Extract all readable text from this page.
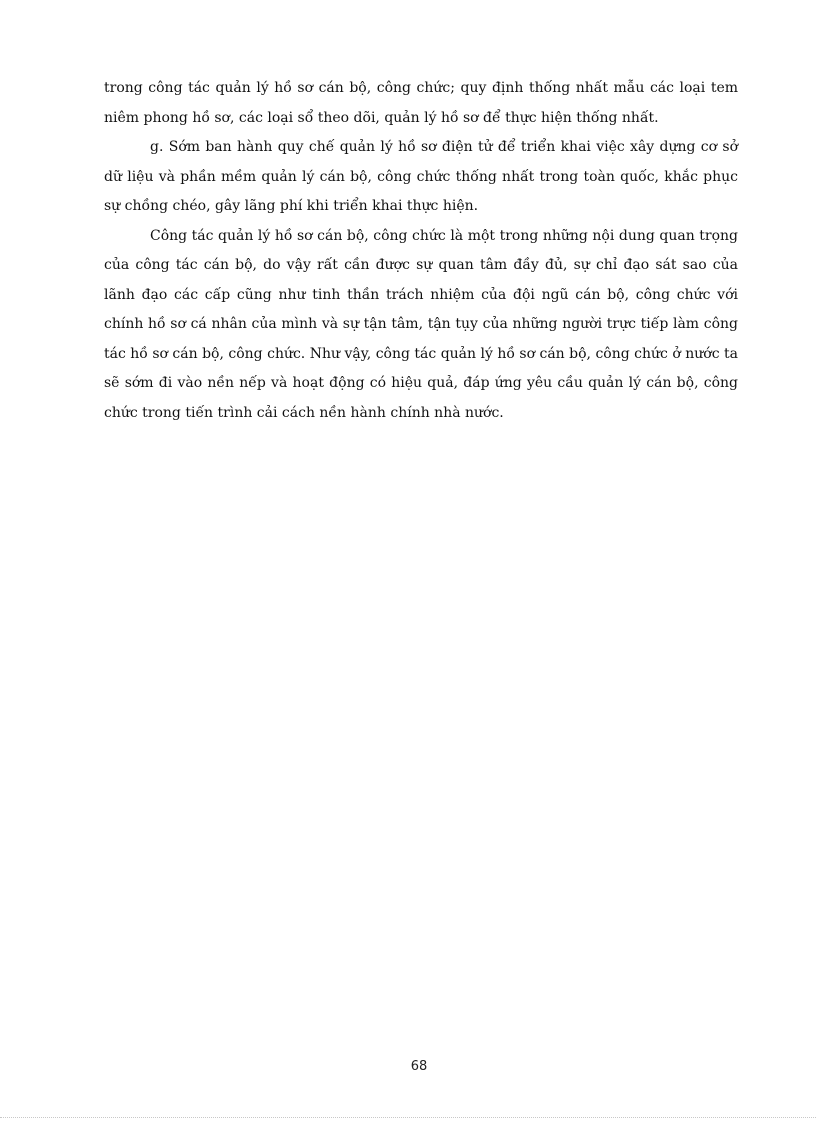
trong công tác quản lý hồ sơ cán bộ, công chức; quy định thống nhất mẫu các loại tem niêm phong hồ sơ, các loại sổ theo dõi, quản lý hồ sơ để thực hiện thống nhất.

g. Sớm ban hành quy chế quản lý hồ sơ điện tử để triển khai việc xây dựng cơ sở dữ liệu và phần mềm quản lý cán bộ, công chức thống nhất trong toàn quốc, khắc phục sự chồng chéo, gây lãng phí khi triển khai thực hiện.

Công tác quản lý hồ sơ cán bộ, công chức là một trong những nội dung quan trọng của công tác cán bộ, do vậy rất cần được sự quan tâm đầy đủ, sự chỉ đạo sát sao của lãnh đạo các cấp cũng như tinh thần trách nhiệm của đội ngũ cán bộ, công chức với chính hồ sơ cá nhân của mình và sự tận tâm, tận tụy của những người trực tiếp làm công tác hồ sơ cán bộ, công chức. Như vậy, công tác quản lý hồ sơ cán bộ, công chức ở nước ta sẽ sớm đi vào nền nếp và hoạt động có hiệu quả, đáp ứng yêu cầu quản lý cán bộ, công chức trong tiến trình cải cách nền hành chính nhà nước.

68
